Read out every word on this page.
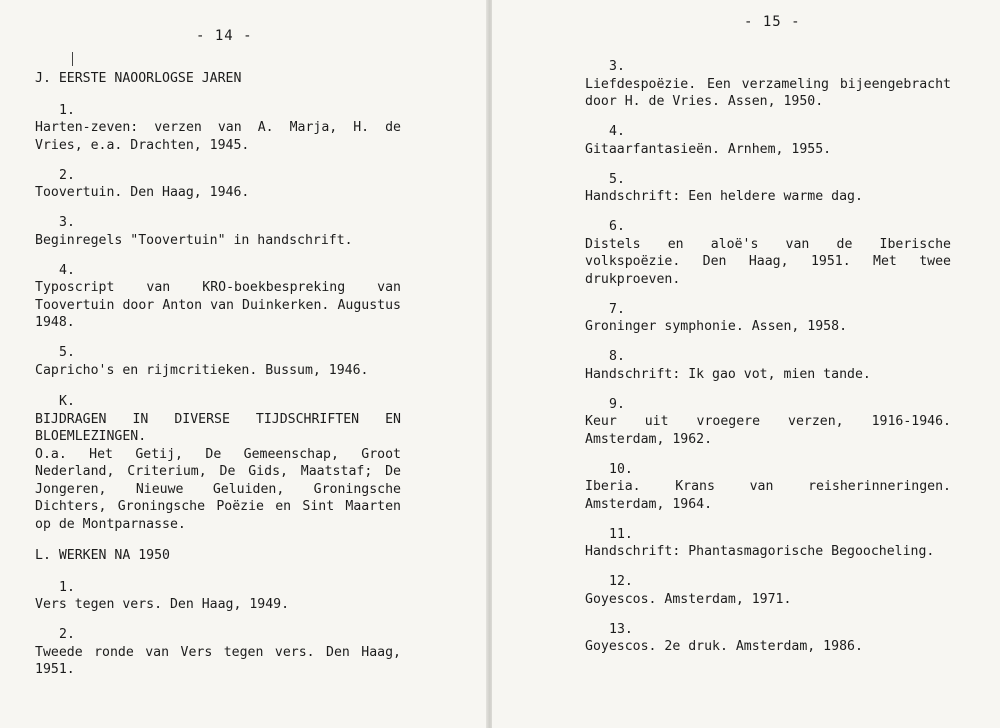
- 14 -
J. EERSTE NAOORLOGSE JAREN
1.
Harten-zeven: verzen van A. Marja, H. de Vries, e.a. Drachten, 1945.
2.
Toovertuin. Den Haag, 1946.
3.
Beginregels "Toovertuin" in handschrift.
4.
Typoscript van KRO-boekbespreking van Toovertuin door Anton van Duinkerken. Augustus 1948.
5.
Capricho's en rijmcritieken. Bussum, 1946.
K.
BIJDRAGEN IN DIVERSE TIJDSCHRIFTEN EN BLOEMLEZINGEN.
O.a. Het Getij, De Gemeenschap, Groot Nederland, Criterium, De Gids, Maatstaf; De Jongeren, Nieuwe Geluiden, Groningsche Dichters, Groningsche Poëzie en Sint Maarten op de Montparnasse.
L. WERKEN NA 1950
1.
Vers tegen vers. Den Haag, 1949.
2.
Tweede ronde van Vers tegen vers. Den Haag, 1951.
- 15 -
3.
Liefdespoëzie. Een verzameling bijeengebracht door H. de Vries. Assen, 1950.
4.
Gitaarfantasieën. Arnhem, 1955.
5.
Handschrift: Een heldere warme dag.
6.
Distels en aloë's van de Iberische volkspoëzie. Den Haag, 1951. Met twee drukproeven.
7.
Groninger symphonie. Assen, 1958.
8.
Handschrift: Ik gao vot, mien tande.
9.
Keur uit vroegere verzen, 1916-1946. Amsterdam, 1962.
10.
Iberia. Krans van reisherinneringen. Amsterdam, 1964.
11.
Handschrift: Phantasmagorische Begoocheling.
12.
Goyescos. Amsterdam, 1971.
13.
Goyescos. 2e druk. Amsterdam, 1986.
